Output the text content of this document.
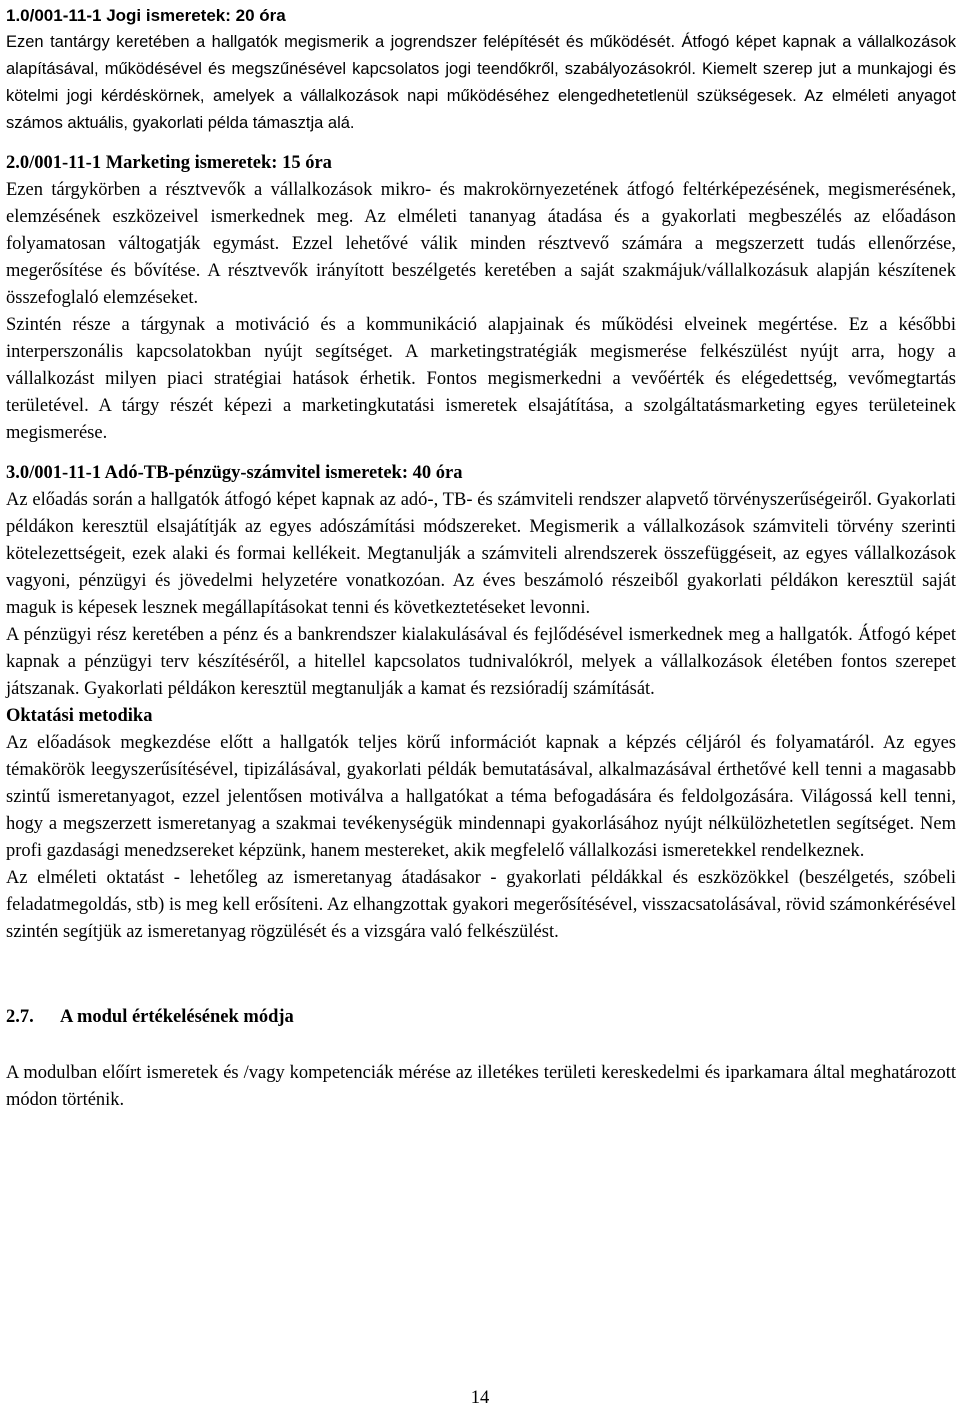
1.0/001-11-1 Jogi ismeretek: 20 óra

Ezen tantárgy keretében a hallgatók megismerik a jogrendszer felépítését és működését. Átfogó képet kapnak a vállalkozások alapításával, működésével és megszűnésével kapcsolatos jogi teendőkről, szabályozásokról. Kiemelt szerep jut a munkajogi és kötelmi jogi kérdéskörnek, amelyek a vállalkozások napi működéséhez elengedhetetlenül szükségesek. Az elméleti anyagot számos aktuális, gyakorlati példa támasztja alá.

2.0/001-11-1 Marketing ismeretek: 15 óra

Ezen tárgykörben a résztvevők a vállalkozások mikro- és makrokörnyezetének átfogó feltérképezésének, megismerésének, elemzésének eszközeivel ismerkednek meg. Az elméleti tananyag átadása és a gyakorlati megbeszélés az előadáson folyamatosan váltogatják egymást. Ezzel lehetővé válik minden résztvevő számára a megszerzett tudás ellenőrzése, megerősítése és bővítése. A résztvevők irányított beszélgetés keretében a saját szakmájuk/vállalkozásuk alapján készítenek összefoglaló elemzéseket.

Szintén része a tárgynak a motiváció és a kommunikáció alapjainak és működési elveinek megértése. Ez a későbbi interperszonális kapcsolatokban nyújt segítséget. A marketingstratégiák megismerése felkészülést nyújt arra, hogy a vállalkozást milyen piaci stratégiai hatások érhetik. Fontos megismerkedni a vevőérték és elégedettség, vevőmegtartás területével. A tárgy részét képezi a marketingkutatási ismeretek elsajátítása, a szolgáltatásmarketing egyes területeinek megismerése.

3.0/001-11-1 Adó-TB-pénzügy-számvitel ismeretek: 40 óra

Az előadás során a hallgatók átfogó képet kapnak az adó-, TB- és számviteli rendszer alapvető törvényszerűségeiről. Gyakorlati példákon keresztül elsajátítják az egyes adószámítási módszereket. Megismerik a vállalkozások számviteli törvény szerinti kötelezettségeit, ezek alaki és formai kellékeit. Megtanulják a számviteli alrendszerek összefüggéseit, az egyes vállalkozások vagyoni, pénzügyi és jövedelmi helyzetére vonatkozóan. Az éves beszámoló részeiből gyakorlati példákon keresztül saját maguk is képesek lesznek megállapításokat tenni és következtetéseket levonni.

A pénzügyi rész keretében a pénz és a bankrendszer kialakulásával és fejlődésével ismerkednek meg a hallgatók. Átfogó képet kapnak a pénzügyi terv készítéséről, a hitellel kapcsolatos tudnivalókról, melyek a vállalkozások életében fontos szerepet játszanak. Gyakorlati példákon keresztül megtanulják a kamat és rezsióradíj számítását.

Oktatási metodika

Az előadások megkezdése előtt a hallgatók teljes körű információt kapnak a képzés céljáról és folyamatáról. Az egyes témakörök leegyszerűsítésével, tipizálásával, gyakorlati példák bemutatásával, alkalmazásával érthetővé kell tenni a magasabb szintű ismeretanyagot, ezzel jelentősen motiválva a hallgatókat a téma befogadására és feldolgozására. Világossá kell tenni, hogy a megszerzett ismeretanyag a szakmai tevékenységük mindennapi gyakorlásához nyújt nélkülözhetetlen segítséget. Nem profi gazdasági menedzsereket képzünk, hanem mestereket, akik megfelelő vállalkozási ismeretekkel rendelkeznek.

Az elméleti oktatást - lehetőleg az ismeretanyag átadásakor - gyakorlati példákkal és eszközökkel (beszélgetés, szóbeli feladatmegoldás, stb) is meg kell erősíteni. Az elhangzottak gyakori megerősítésével, visszacsatolásával, rövid számonkérésével szintén segítjük az ismeretanyag rögzülését és a vizsgára való felkészülést.

2.7.	A modul értékelésének módja

A modulban előírt ismeretek és /vagy kompetenciák mérése az illetékes területi kereskedelmi és iparkamara által meghatározott módon történik.

14
